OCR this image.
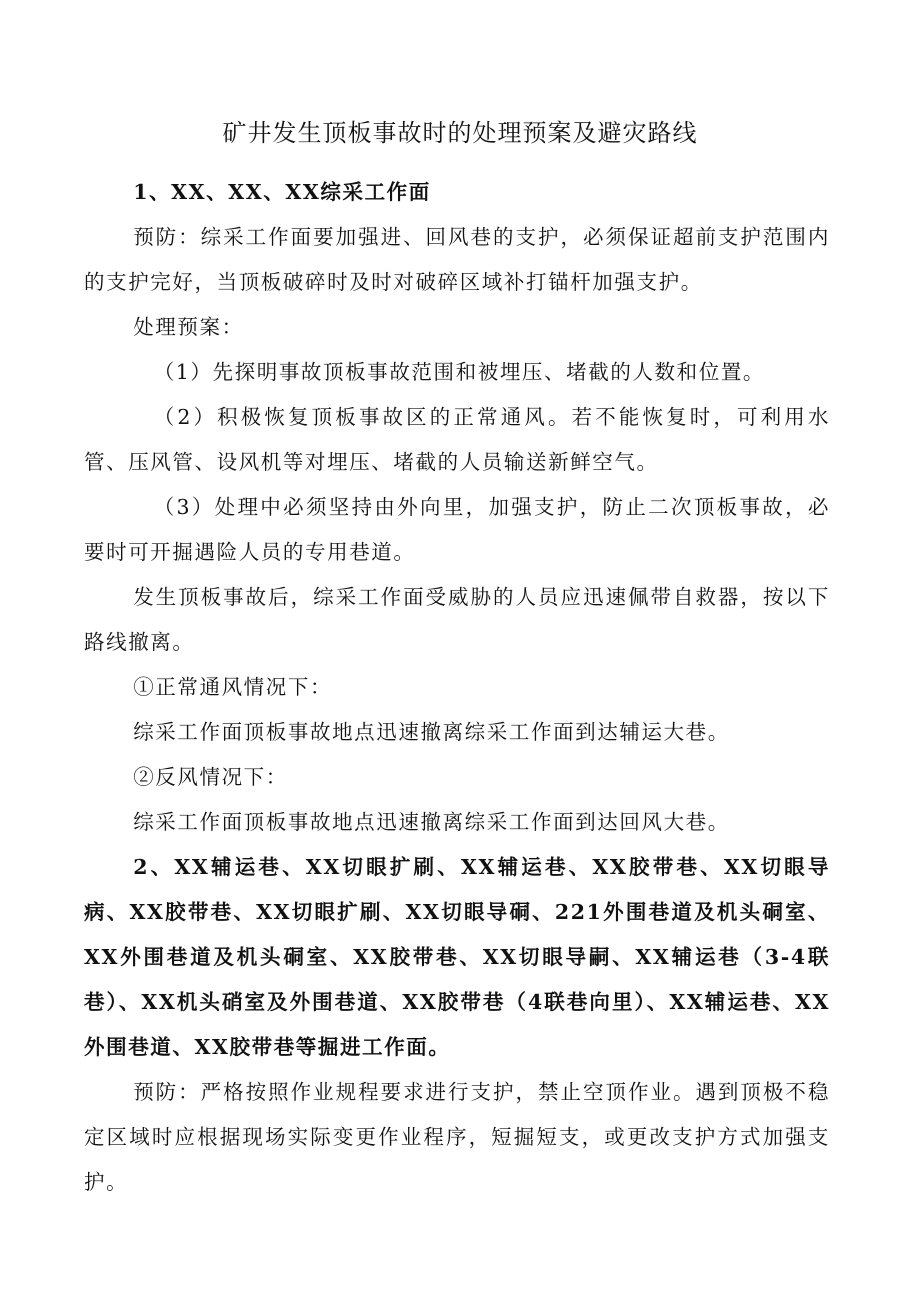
矿井发生顶板事故时的处理预案及避灾路线

1、XX、XX、XX综采工作面

预防：综采工作面要加强进、回风巷的支护，必须保证超前支护范围内的支护完好，当顶板破碎时及时对破碎区域补打锚杆加强支护。

处理预案：

（1）先探明事故顶板事故范围和被埋压、堵截的人数和位置。

（2）积极恢复顶板事故区的正常通风。若不能恢复时，可利用水管、压风管、设风机等对埋压、堵截的人员输送新鲜空气。

（3）处理中必须坚持由外向里，加强支护，防止二次顶板事故，必要时可开掘遇险人员的专用巷道。

发生顶板事故后，综采工作面受威胁的人员应迅速佩带自救器，按以下路线撤离。

①正常通风情况下：

综采工作面顶板事故地点迅速撤离综采工作面到达辅运大巷。

②反风情况下：

综采工作面顶板事故地点迅速撤离综采工作面到达回风大巷。

2、XX辅运巷、XX切眼扩刷、XX辅运巷、XX胶带巷、XX切眼导病、XX胶带巷、XX切眼扩刷、XX切眼导硐、221外围巷道及机头硐室、XX外围巷道及机头硐室、XX胶带巷、XX切眼导嗣、XX辅运巷（3-4联巷）、XX机头硝室及外围巷道、XX胶带巷（4联巷向里）、XX辅运巷、XX外围巷道、XX胶带巷等掘进工作面。

预防：严格按照作业规程要求进行支护，禁止空顶作业。遇到顶极不稳定区域时应根据现场实际变更作业程序，短掘短支，或更改支护方式加强支护。
